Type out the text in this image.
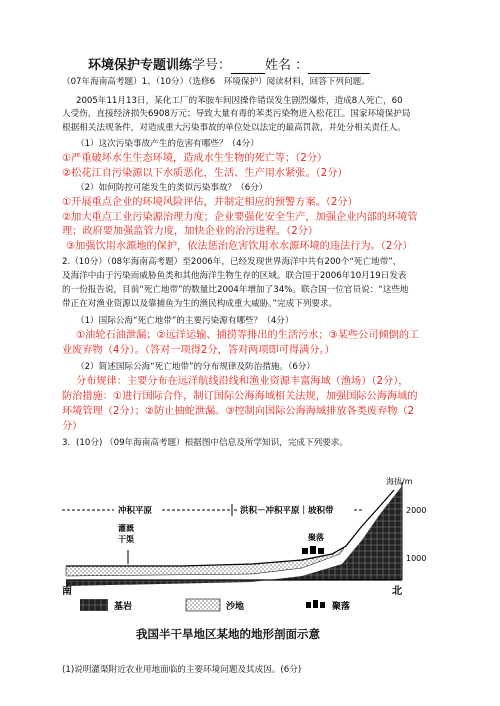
环境保护专题训练学号：	姓名 ：
（07年海南高考题）1、（10分）（选修6　环境保护）阅读材料，回答下列问题。
2005年11月13日，某化工厂的苯胺车间因操作错误发生剧烈爆炸，造成8人死亡，60
人受伤，直接经济损失6908万元；导致大量有毒的苯类污染物进入松花江。国家环境保护局
根据相关法规条件，对造成重大污染事故的单位处以法定的最高罚款，并处分相关责任人。
（1）这次污染事故产生的危害有哪些？（4分）
①严重破坏水生生态环境，造成水生生物的死亡等；（2分）
②松花江自污染源以下水质恶化，生活、生产用水紧张。（2分）
（2）如何防控可能发生的类似污染事故？（6分）
①开展重点企业的环境风险评估，并制定相应的预警方案。（2分）
②加大重点工业污染源治理力度；企业要强化安全生产，加强企业内部的环境管
理；政府要加强监管力度，加快企业的治污进程。（2分）
③加强饮用水源地的保护，依法惩治危害饮用水水源环境的违法行为。（2分）
2.（10分）（08年海南高考题）至2006年，已经发现世界海洋中共有200个“死亡地带”，
及海洋中由于污染而威胁鱼类和其他海洋生物生存的区域。联合国于2006年10月19日发表
的一份报告说，目前“死亡地带”的数量比2004年增加了34%。联合国一位官员说：“这些地
带正在对渔业资源以及靠捕鱼为生的渔民构成重大威胁。”完成下列要求。
（1）国际公海“死亡地带”的主要污染源有哪些？（4分）
①油轮石油泄漏；②远洋运输、捕捞等排出的生活污水；③某些公司倾倒的工
业废弃物（4分）。（答对一项得2分，答对两项即可得满分。）
（2）简述国际公海“死亡地带”的分布规律及防治措施。（6分）
分布规律：主要分布在远洋航线沿线和渔业资源丰富海域（渔场）（2分），
防治措施：①进行国际合作，制订国际公海海域相关法规，加强国际公海海域的
环境管理（2分）；②防止抽蛇泄漏。③控制向国际公海海域排放各类废弃物（2
分）
3．(10分) （09年海南高考题）根据图中信息及所学知识，完成下列要求。
海拔/m
2000
1000
冲积平原	洪积－冲积平原｜坡积带
灌溉
干渠	聚落
南	北
基岩	沙地	聚落
我国半干旱地区某地的地形剖面示意
(1)说明灌渠附近农业用地面临的主要环境问题及其成因。(6分)
